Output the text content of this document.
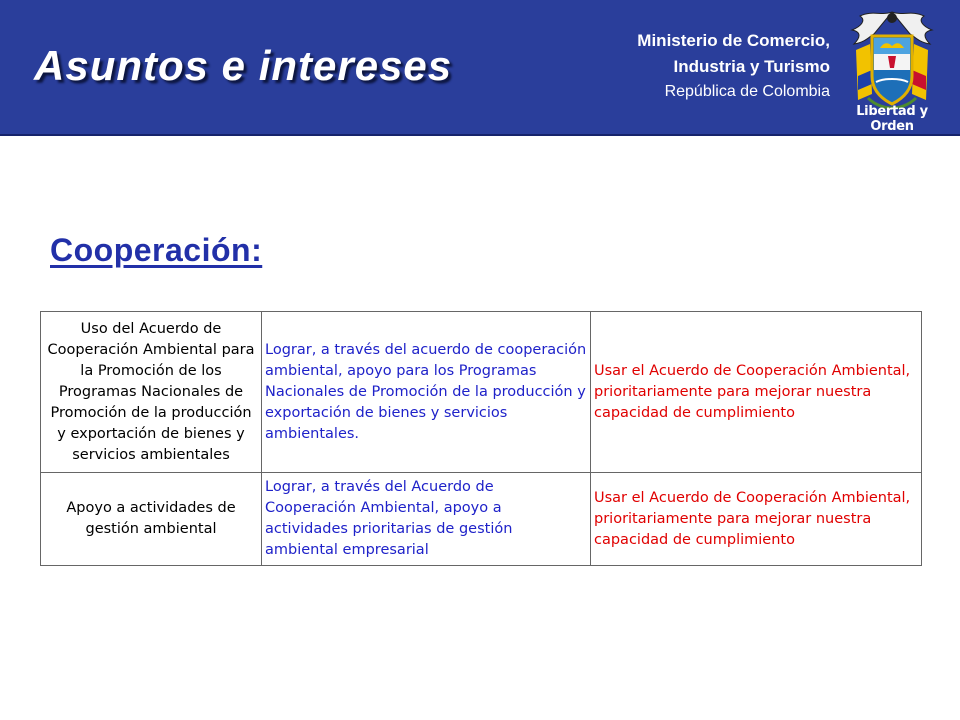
Asuntos e intereses
Ministerio de Comercio,
Industria y Turismo
República de Colombia
Libertad y Orden
Cooperación:
Uso del Acuerdo de Cooperación Ambiental para la Promoción de los Programas Nacionales de Promoción de la producción y exportación de bienes y servicios ambientales	Lograr, a través del acuerdo de cooperación ambiental, apoyo para los Programas Nacionales de Promoción de la producción y exportación de bienes y servicios ambientales.	Usar el Acuerdo de Cooperación Ambiental, prioritariamente para mejorar nuestra capacidad de cumplimiento
Apoyo a actividades de gestión ambiental	Lograr, a través del Acuerdo de Cooperación Ambiental, apoyo a actividades prioritarias de gestión ambiental empresarial	Usar el Acuerdo de Cooperación Ambiental, prioritariamente para mejorar nuestra capacidad de cumplimiento
